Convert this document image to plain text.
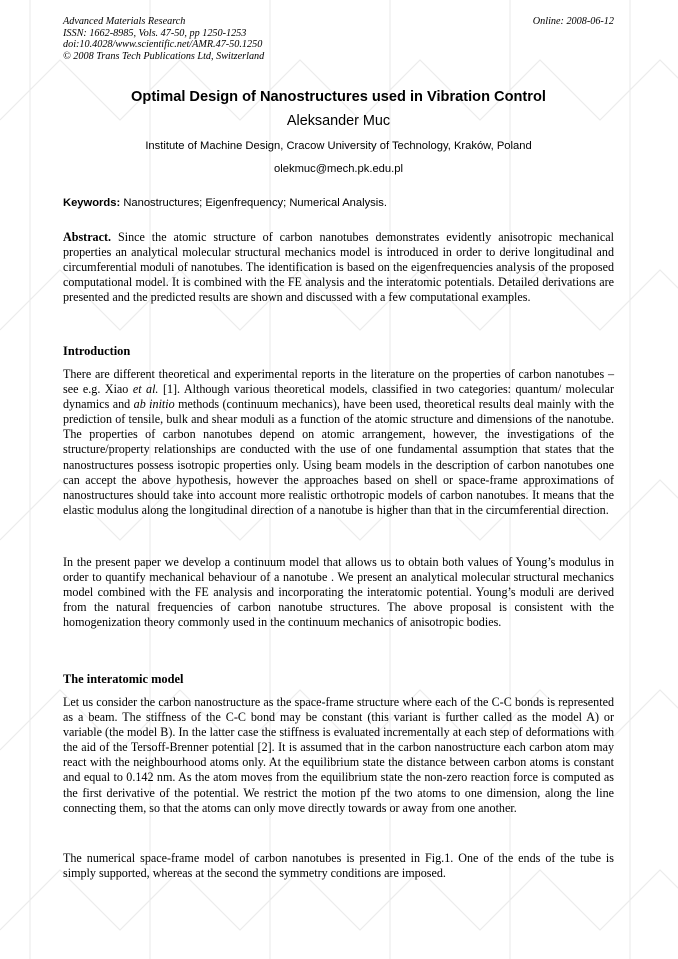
Advanced Materials Research
ISSN: 1662-8985, Vols. 47-50, pp 1250-1253
doi:10.4028/www.scientific.net/AMR.47-50.1250
© 2008 Trans Tech Publications Ltd, Switzerland
Online: 2008-06-12
Optimal Design of Nanostructures used in Vibration Control
Aleksander Muc
Institute of Machine Design, Cracow University of Technology, Kraków, Poland
olekmuc@mech.pk.edu.pl
Keywords: Nanostructures; Eigenfrequency; Numerical Analysis.

Abstract. Since the atomic structure of carbon nanotubes demonstrates evidently anisotropic mechanical properties an analytical molecular structural mechanics model is introduced in order to derive longitudinal and circumferential moduli of nanotubes. The identification is based on the eigenfrequencies analysis of the proposed computational model. It is combined with the FE analysis and the interatomic potentials. Detailed derivations are presented and the predicted results are shown and discussed with a few computational examples.

Introduction

There are different theoretical and experimental reports in the literature on the properties of carbon nanotubes – see e.g. Xiao et al. [1]. Although various theoretical models, classified in two categories: quantum/ molecular dynamics and ab initio methods (continuum mechanics), have been used, theoretical results deal mainly with the prediction of tensile, bulk and shear moduli as a function of the atomic structure and dimensions of the nanotube. The properties of carbon nanotubes depend on atomic arrangement, however, the investigations of the structure/property relationships are conducted with the use of one fundamental assumption that states that the nanostructures possess isotropic properties only. Using beam models in the description of carbon nanotubes one can accept the above hypothesis, however the approaches based on shell or space-frame approximations of nanostructures should take into account more realistic orthotropic models of carbon nanotubes. It means that the elastic modulus along the longitudinal direction of a nanotube is higher than that in the circumferential direction.

In the present paper we develop a continuum model that allows us to obtain both values of Young’s modulus in order to quantify mechanical behaviour of a nanotube . We present an analytical molecular structural mechanics model combined with the FE analysis and incorporating the interatomic potential. Young’s moduli are derived from the natural frequencies of carbon nanotube structures. The above proposal is consistent with the homogenization theory commonly used in the continuum mechanics of anisotropic bodies.

The interatomic model

Let us consider the carbon nanostructure as the space-frame structure where each of the C-C bonds is represented as a beam. The stiffness of the C-C bond may be constant (this variant is further called as the model A) or variable (the model B). In the latter case the stiffness is evaluated incrementally at each step of deformations with the aid of the Tersoff-Brenner potential [2]. It is assumed that in the carbon nanostructure each carbon atom may react with the neighbourhood atoms only. At the equilibrium state the distance between carbon atoms is constant and equal to 0.142 nm. As the atom moves from the equilibrium state the non-zero reaction force is computed as the first derivative of the potential. We restrict the motion pf the two atoms to one dimension, along the line connecting them, so that the atoms can only move directly towards or away from one another.

The numerical space-frame model of carbon nanotubes is presented in Fig.1. One of the ends of the tube is simply supported, whereas at the second the symmetry conditions are imposed.
